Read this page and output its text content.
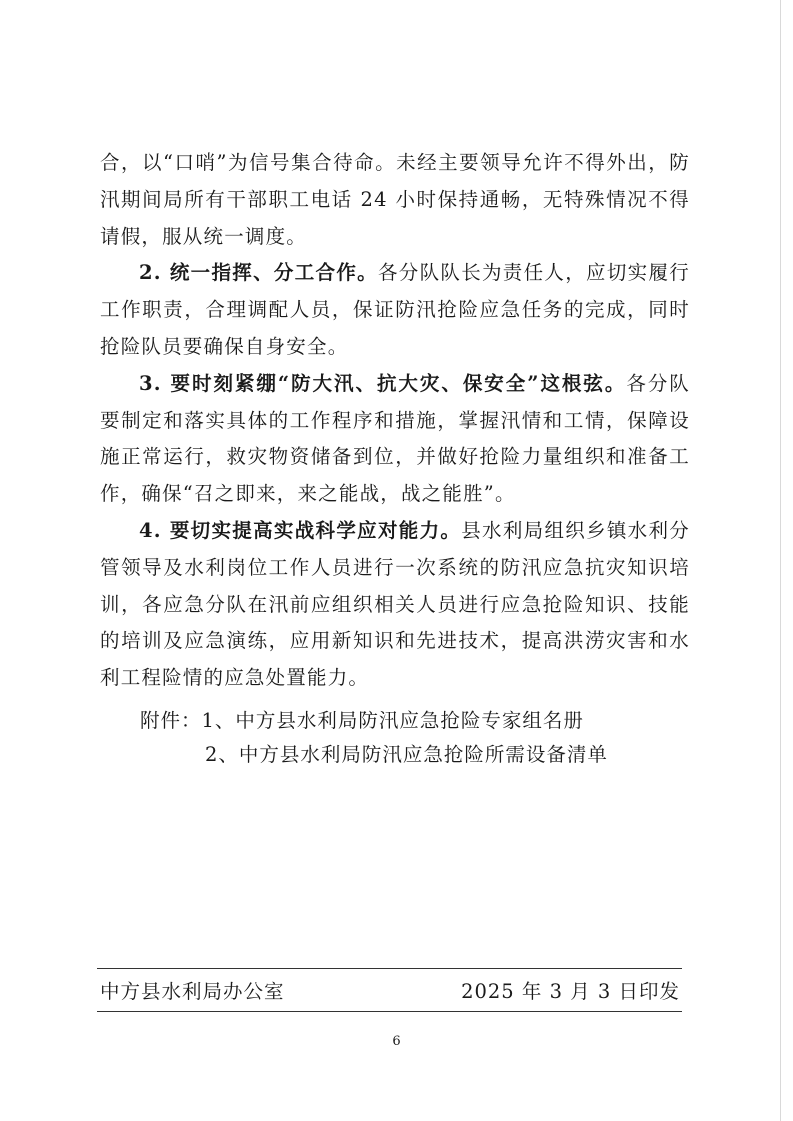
合，以“口哨”为信号集合待命。未经主要领导允许不得外出，防汛期间局所有干部职工电话 24 小时保持通畅，无特殊情况不得请假，服从统一调度。

2. 统一指挥、分工合作。各分队队长为责任人，应切实履行工作职责，合理调配人员，保证防汛抢险应急任务的完成，同时抢险队员要确保自身安全。

3. 要时刻紧绷“防大汛、抗大灾、保安全”这根弦。各分队要制定和落实具体的工作程序和措施，掌握汛情和工情，保障设施正常运行，救灾物资储备到位，并做好抢险力量组织和准备工作，确保“召之即来，来之能战，战之能胜”。

4. 要切实提高实战科学应对能力。县水利局组织乡镇水利分管领导及水利岗位工作人员进行一次系统的防汛应急抗灾知识培训，各应急分队在汛前应组织相关人员进行应急抢险知识、技能的培训及应急演练，应用新知识和先进技术，提高洪涝灾害和水利工程险情的应急处置能力。

附件：1、中方县水利局防汛应急抢险专家组名册
2、中方县水利局防汛应急抢险所需设备清单
中方县水利局办公室	2025 年 3 月 3 日印发
6
